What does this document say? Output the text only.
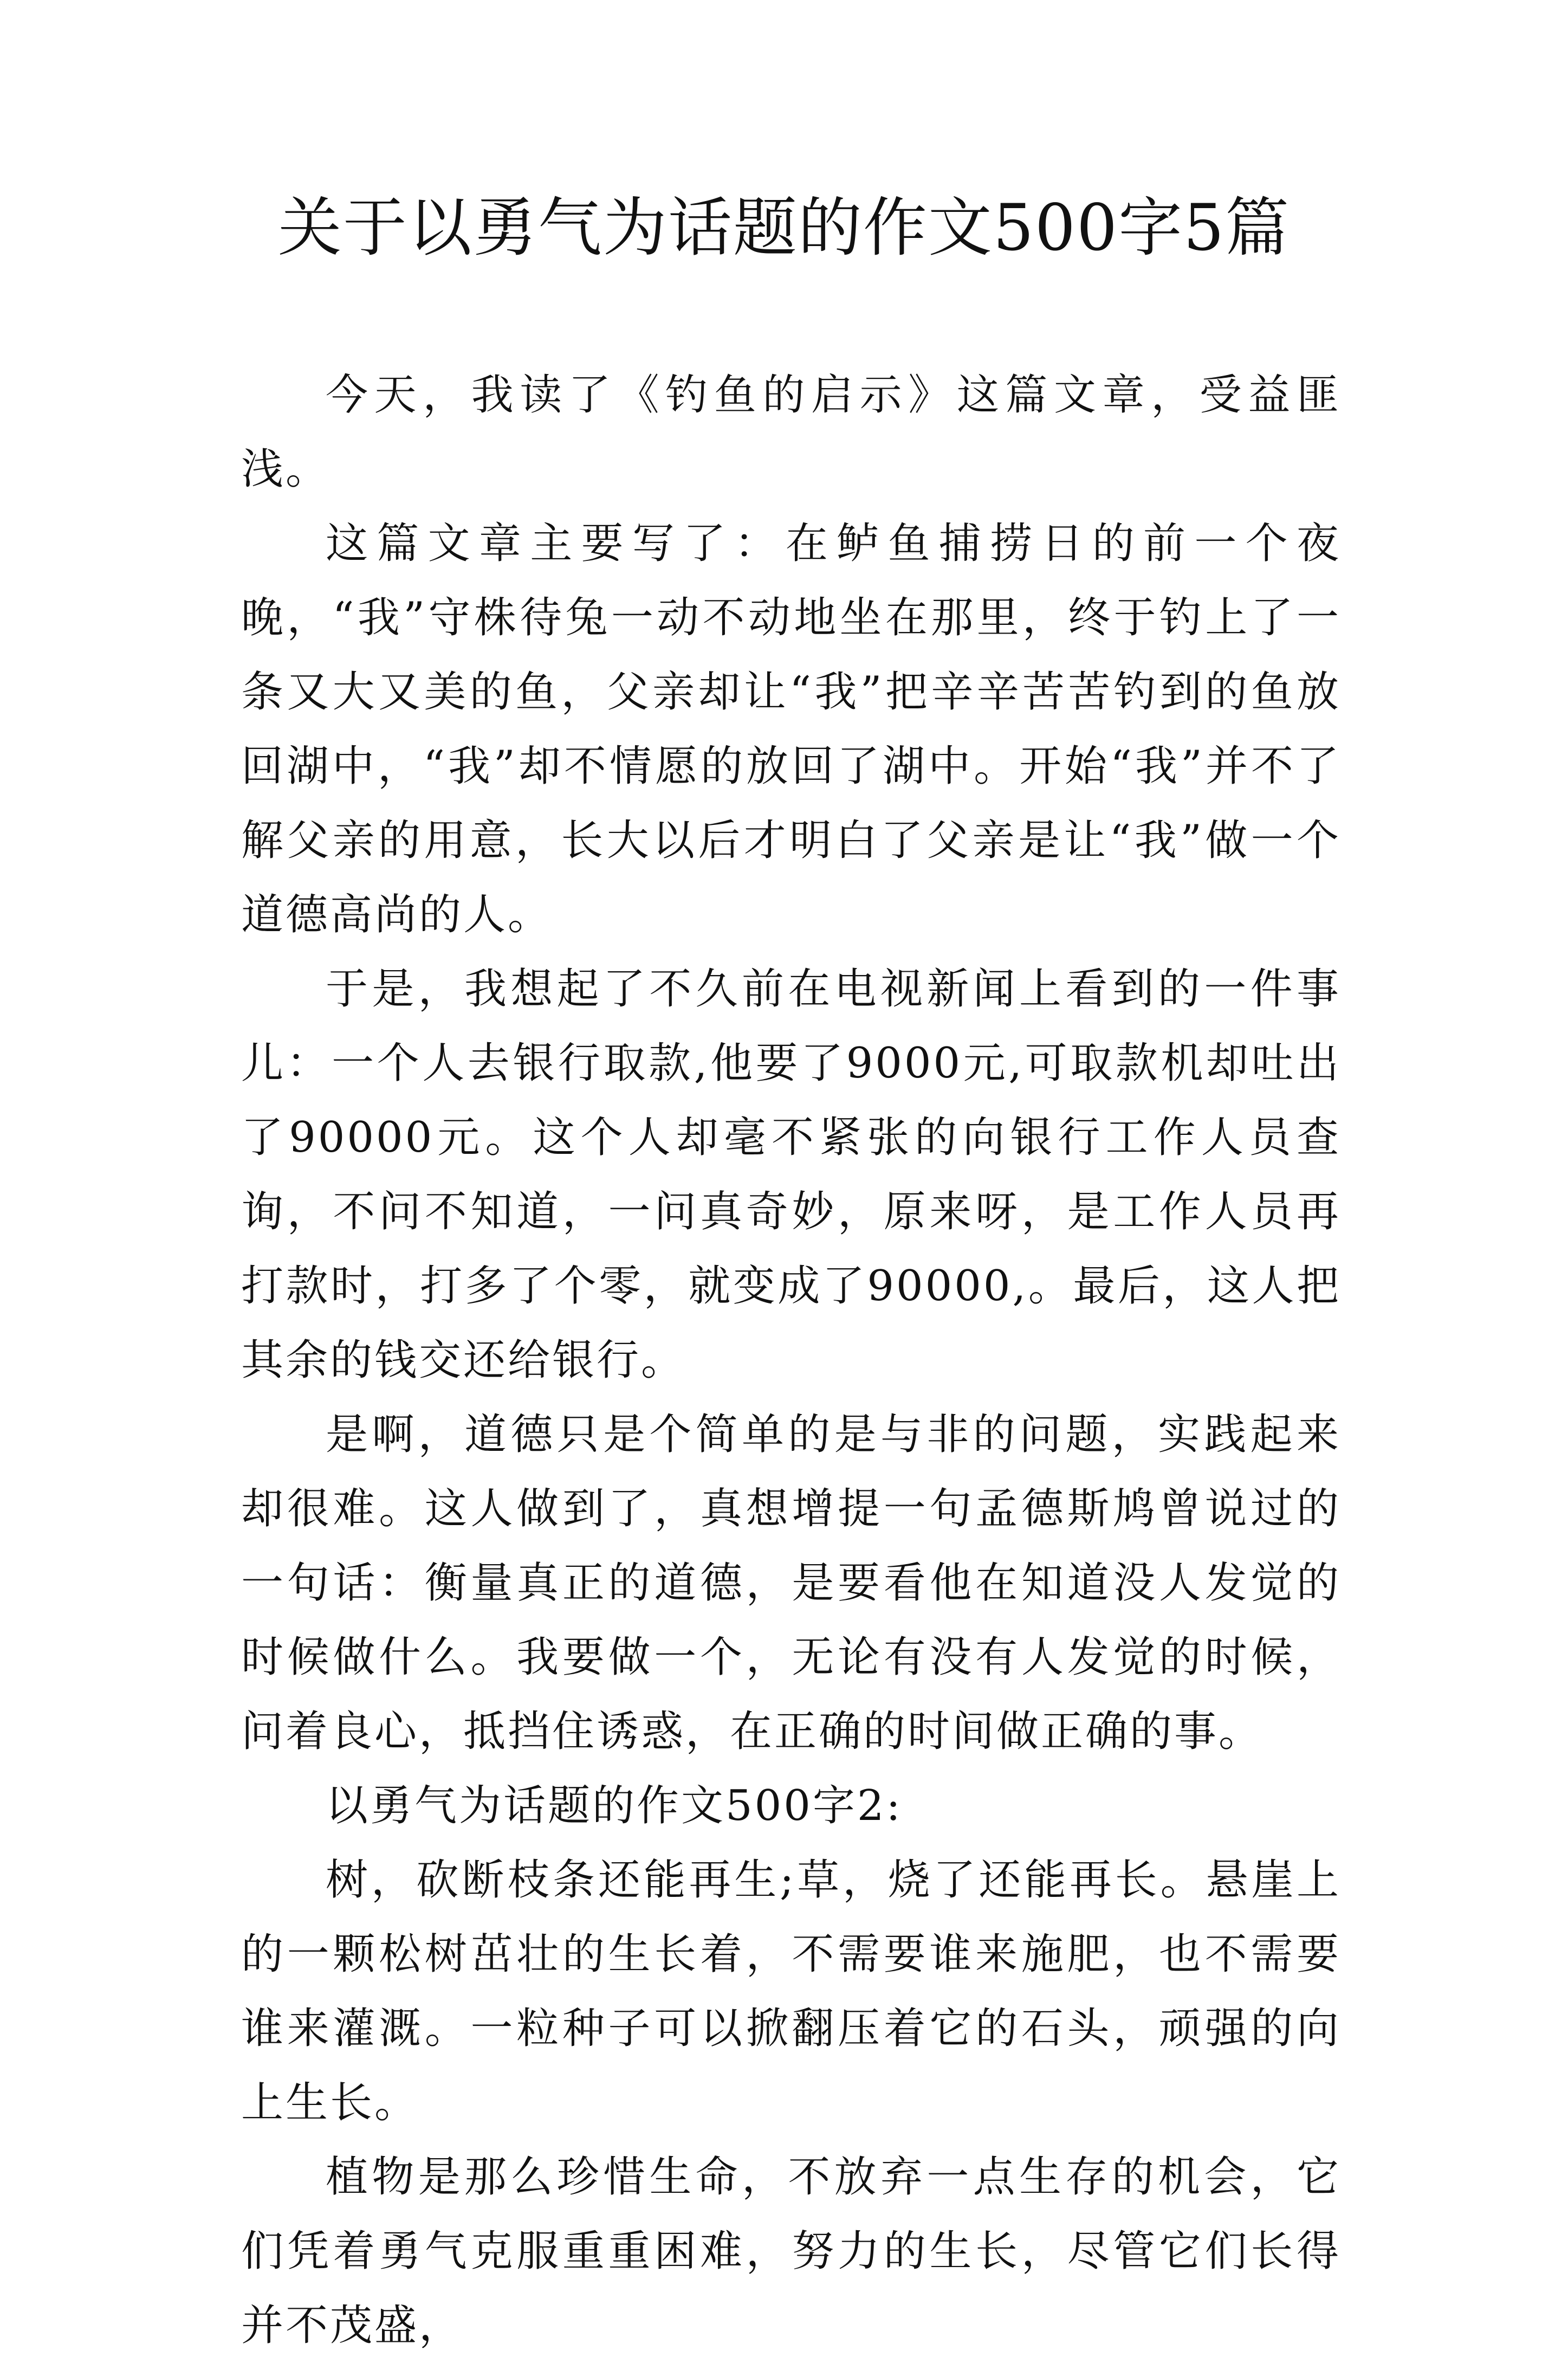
关于以勇气为话题的作文500字5篇

今天，我读了《钓鱼的启示》这篇文章，受益匪浅。

这篇文章主要写了：在鲈鱼捕捞日的前一个夜晚，“我”守株待兔一动不动地坐在那里，终于钓上了一条又大又美的鱼，父亲却让“我”把辛辛苦苦钓到的鱼放回湖中，“我”却不情愿的放回了湖中。开始“我”并不了解父亲的用意，长大以后才明白了父亲是让“我”做一个道德高尚的人。

于是，我想起了不久前在电视新闻上看到的一件事儿：一个人去银行取款,他要了9000元,可取款机却吐出了90000元。这个人却毫不紧张的向银行工作人员查询，不问不知道，一问真奇妙，原来呀，是工作人员再打款时，打多了个零，就变成了90000,。最后，这人把其余的钱交还给银行。

是啊，道德只是个简单的是与非的问题，实践起来却很难。这人做到了，真想增提一句孟德斯鸠曾说过的一句话：衡量真正的道德，是要看他在知道没人发觉的时候做什么。我要做一个，无论有没有人发觉的时候，问着良心，抵挡住诱惑，在正确的时间做正确的事。

以勇气为话题的作文500字2:

树，砍断枝条还能再生;草，烧了还能再长。悬崖上的一颗松树茁壮的生长着，不需要谁来施肥，也不需要谁来灌溉。一粒种子可以掀翻压着它的石头，顽强的向上生长。

植物是那么珍惜生命，不放弃一点生存的机会，它们凭着勇气克服重重困难，努力的生长，尽管它们长得并不茂盛，
